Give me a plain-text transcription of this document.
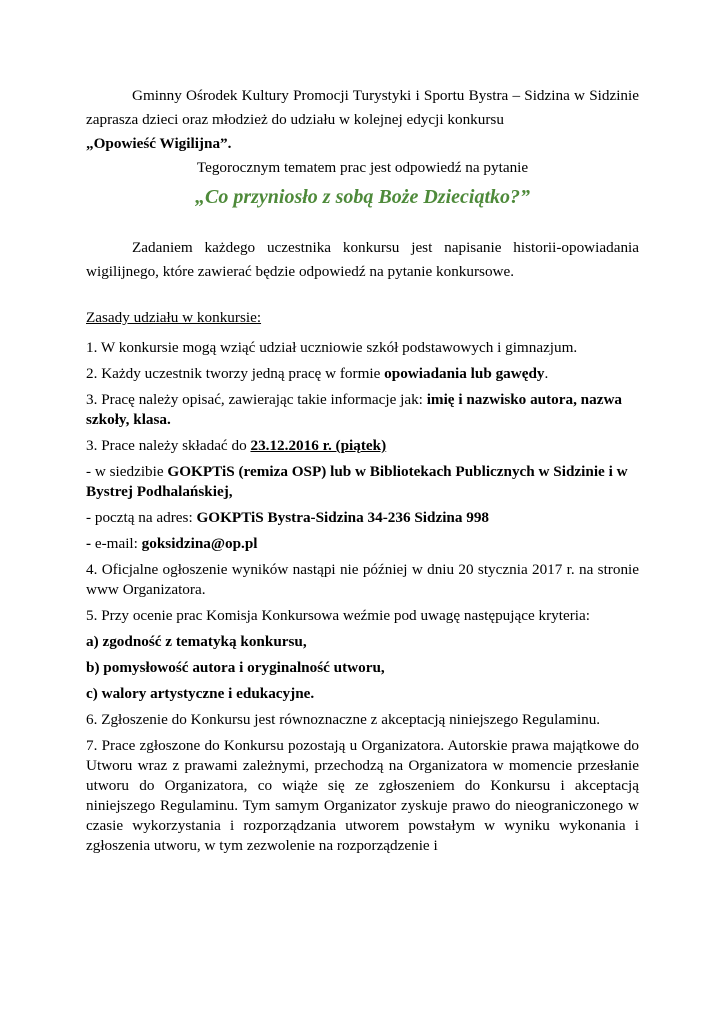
Gminny Ośrodek Kultury Promocji Turystyki i Sportu Bystra – Sidzina w Sidzinie zaprasza dzieci oraz młodzież do udziału w kolejnej edycji konkursu

„Opowieść Wigilijna”.

Tegorocznym tematem prac jest odpowiedź na pytanie

„Co przyniosło z sobą Boże Dzieciątko?”

Zadaniem każdego uczestnika konkursu jest napisanie historii-opowiadania wigilijnego, które zawierać będzie odpowiedź na pytanie konkursowe.

Zasady udziału w konkursie:

1. W konkursie mogą wziąć udział uczniowie szkół podstawowych i gimnazjum.

2. Każdy uczestnik tworzy jedną pracę w formie opowiadania lub gawędy.

3. Pracę należy opisać, zawierając takie informacje jak: imię i nazwisko autora, nazwa szkoły, klasa.

3. Prace należy składać do 23.12.2016 r. (piątek)

- w siedzibie GOKPTiS (remiza OSP) lub w Bibliotekach Publicznych w Sidzinie i w Bystrej Podhalańskiej,

- pocztą na adres: GOKPTiS Bystra-Sidzina 34-236 Sidzina 998

- e-mail: goksidzina@op.pl

4. Oficjalne ogłoszenie wyników nastąpi nie później w dniu 20 stycznia 2017 r. na stronie www Organizatora.

5. Przy ocenie prac Komisja Konkursowa weźmie pod uwagę następujące kryteria:

a) zgodność z tematyką konkursu,

b) pomysłowość autora i oryginalność utworu,

c) walory artystyczne i edukacyjne.

6. Zgłoszenie do Konkursu jest równoznaczne z akceptacją niniejszego Regulaminu.

7. Prace zgłoszone do Konkursu pozostają u Organizatora. Autorskie prawa majątkowe do Utworu wraz z prawami zależnymi, przechodzą na Organizatora w momencie przesłanie utworu do Organizatora, co wiąże się ze zgłoszeniem do Konkursu i akceptacją niniejszego Regulaminu. Tym samym Organizator zyskuje prawo do nieograniczonego w czasie wykorzystania i rozporządzania utworem powstałym w wyniku wykonania i zgłoszenia utworu, w tym zezwolenie na rozporządzenie i
